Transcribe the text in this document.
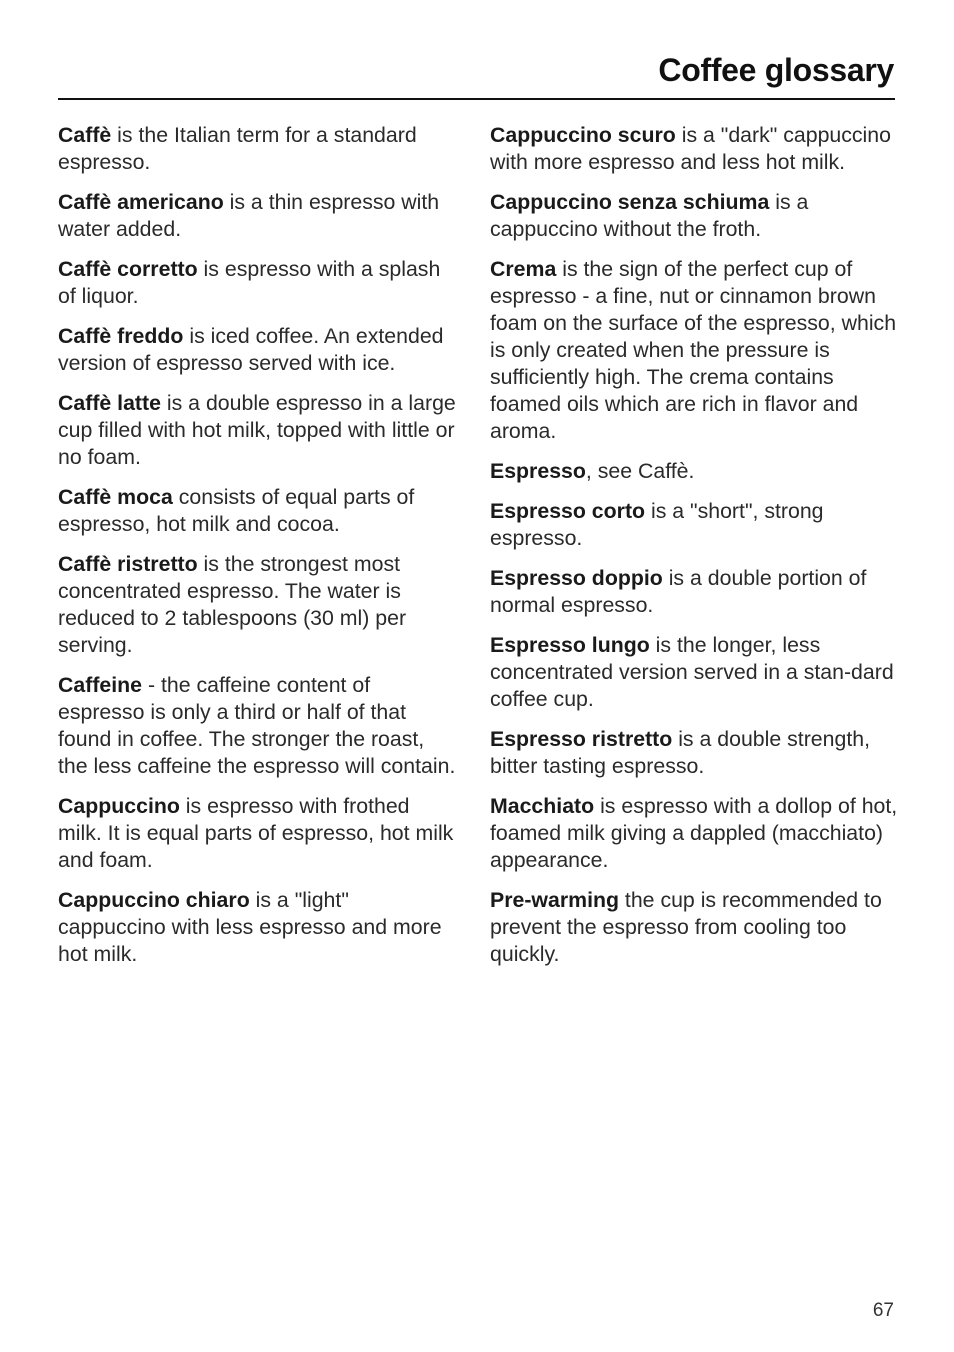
Coffee glossary

Caffè is the Italian term for a standard espresso.

Caffè americano is a thin espresso with water added.

Caffè corretto is espresso with a splash of liquor.

Caffè freddo is iced coffee. An extended version of espresso served with ice.

Caffè latte is a double espresso in a large cup filled with hot milk, topped with little or no foam.

Caffè moca consists of equal parts of espresso, hot milk and cocoa.

Caffè ristretto is the strongest most concentrated espresso. The water is reduced to 2 tablespoons (30 ml) per serving.

Caffeine - the caffeine content of espresso is only a third or half of that found in coffee. The stronger the roast, the less caffeine the espresso will contain.

Cappuccino is espresso with frothed milk. It is equal parts of espresso, hot milk and foam.

Cappuccino chiaro is a "light" cappuccino with less espresso and more hot milk.

Cappuccino scuro is a "dark" cappuccino with more espresso and less hot milk.

Cappuccino senza schiuma is a cappuccino without the froth.

Crema is the sign of the perfect cup of espresso - a fine, nut or cinnamon brown foam on the surface of the espresso, which is only created when the pressure is sufficiently high. The crema contains foamed oils which are rich in flavor and aroma.

Espresso, see Caffè.

Espresso corto is a "short", strong espresso.

Espresso doppio is a double portion of normal espresso.

Espresso lungo is the longer, less concentrated version served in a stan-dard coffee cup.

Espresso ristretto is a double strength, bitter tasting espresso.

Macchiato is espresso with a dollop of hot, foamed milk giving a dappled (macchiato) appearance.

Pre-warming the cup is recommended to prevent the espresso from cooling too quickly.

67
